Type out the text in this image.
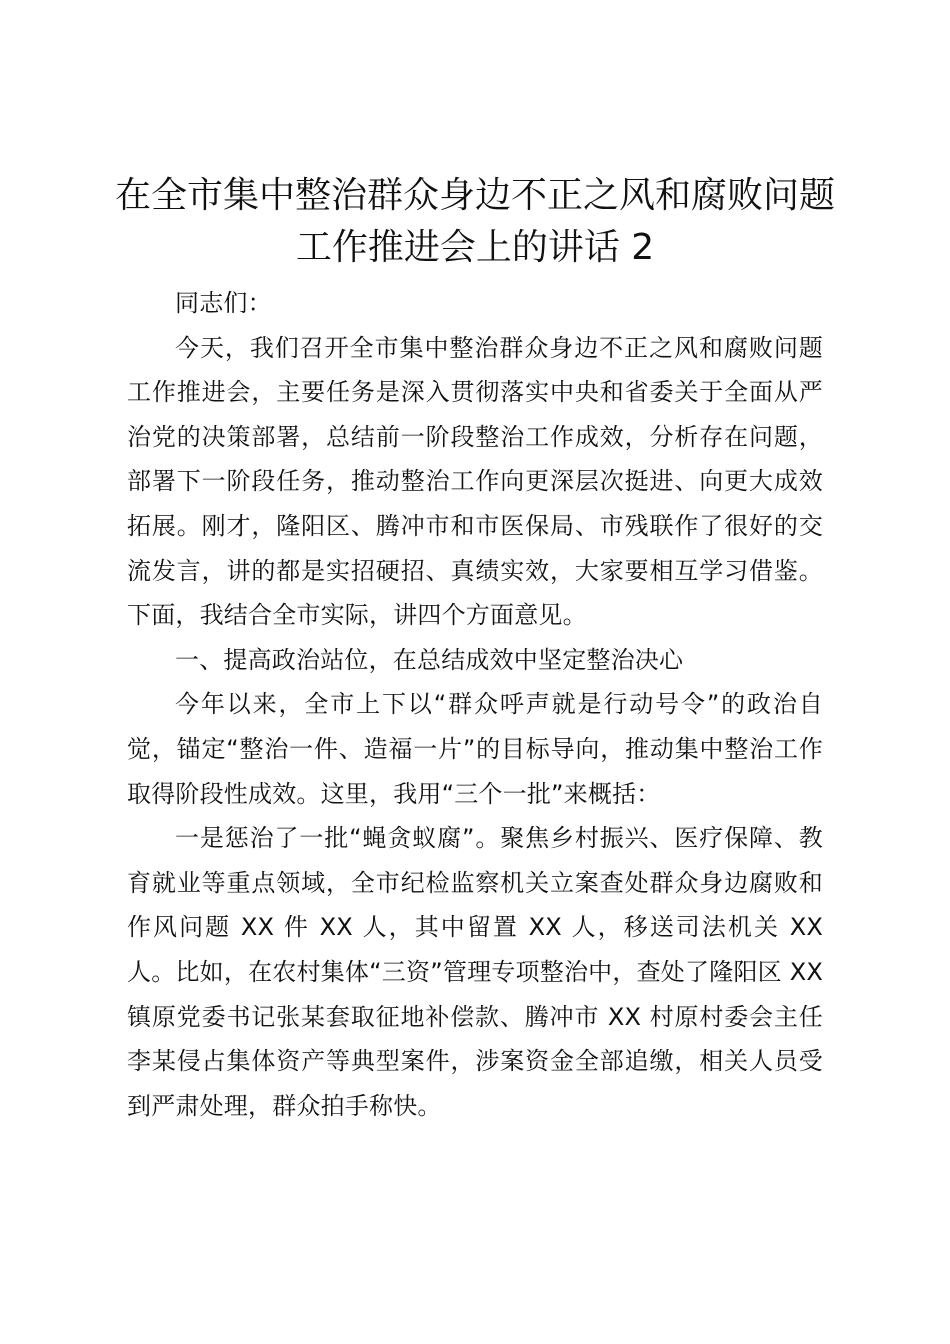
在全市集中整治群众身边不正之风和腐败问题
工作推进会上的讲话 2

同志们：

今天，我们召开全市集中整治群众身边不正之风和腐败问题工作推进会，主要任务是深入贯彻落实中央和省委关于全面从严治党的决策部署，总结前一阶段整治工作成效，分析存在问题，部署下一阶段任务，推动整治工作向更深层次挺进、向更大成效拓展。刚才，隆阳区、腾冲市和市医保局、市残联作了很好的交流发言，讲的都是实招硬招、真绩实效，大家要相互学习借鉴。下面，我结合全市实际，讲四个方面意见。

一、提高政治站位，在总结成效中坚定整治决心

今年以来，全市上下以“群众呼声就是行动号令”的政治自觉，锚定“整治一件、造福一片”的目标导向，推动集中整治工作取得阶段性成效。这里，我用“三个一批”来概括：

一是惩治了一批“蝇贪蚁腐”。聚焦乡村振兴、医疗保障、教育就业等重点领域，全市纪检监察机关立案查处群众身边腐败和作风问题 XX 件 XX 人，其中留置 XX 人，移送司法机关 XX 人。比如，在农村集体“三资”管理专项整治中，查处了隆阳区 XX 镇原党委书记张某套取征地补偿款、腾冲市 XX 村原村委会主任李某侵占集体资产等典型案件，涉案资金全部追缴，相关人员受到严肃处理，群众拍手称快。
